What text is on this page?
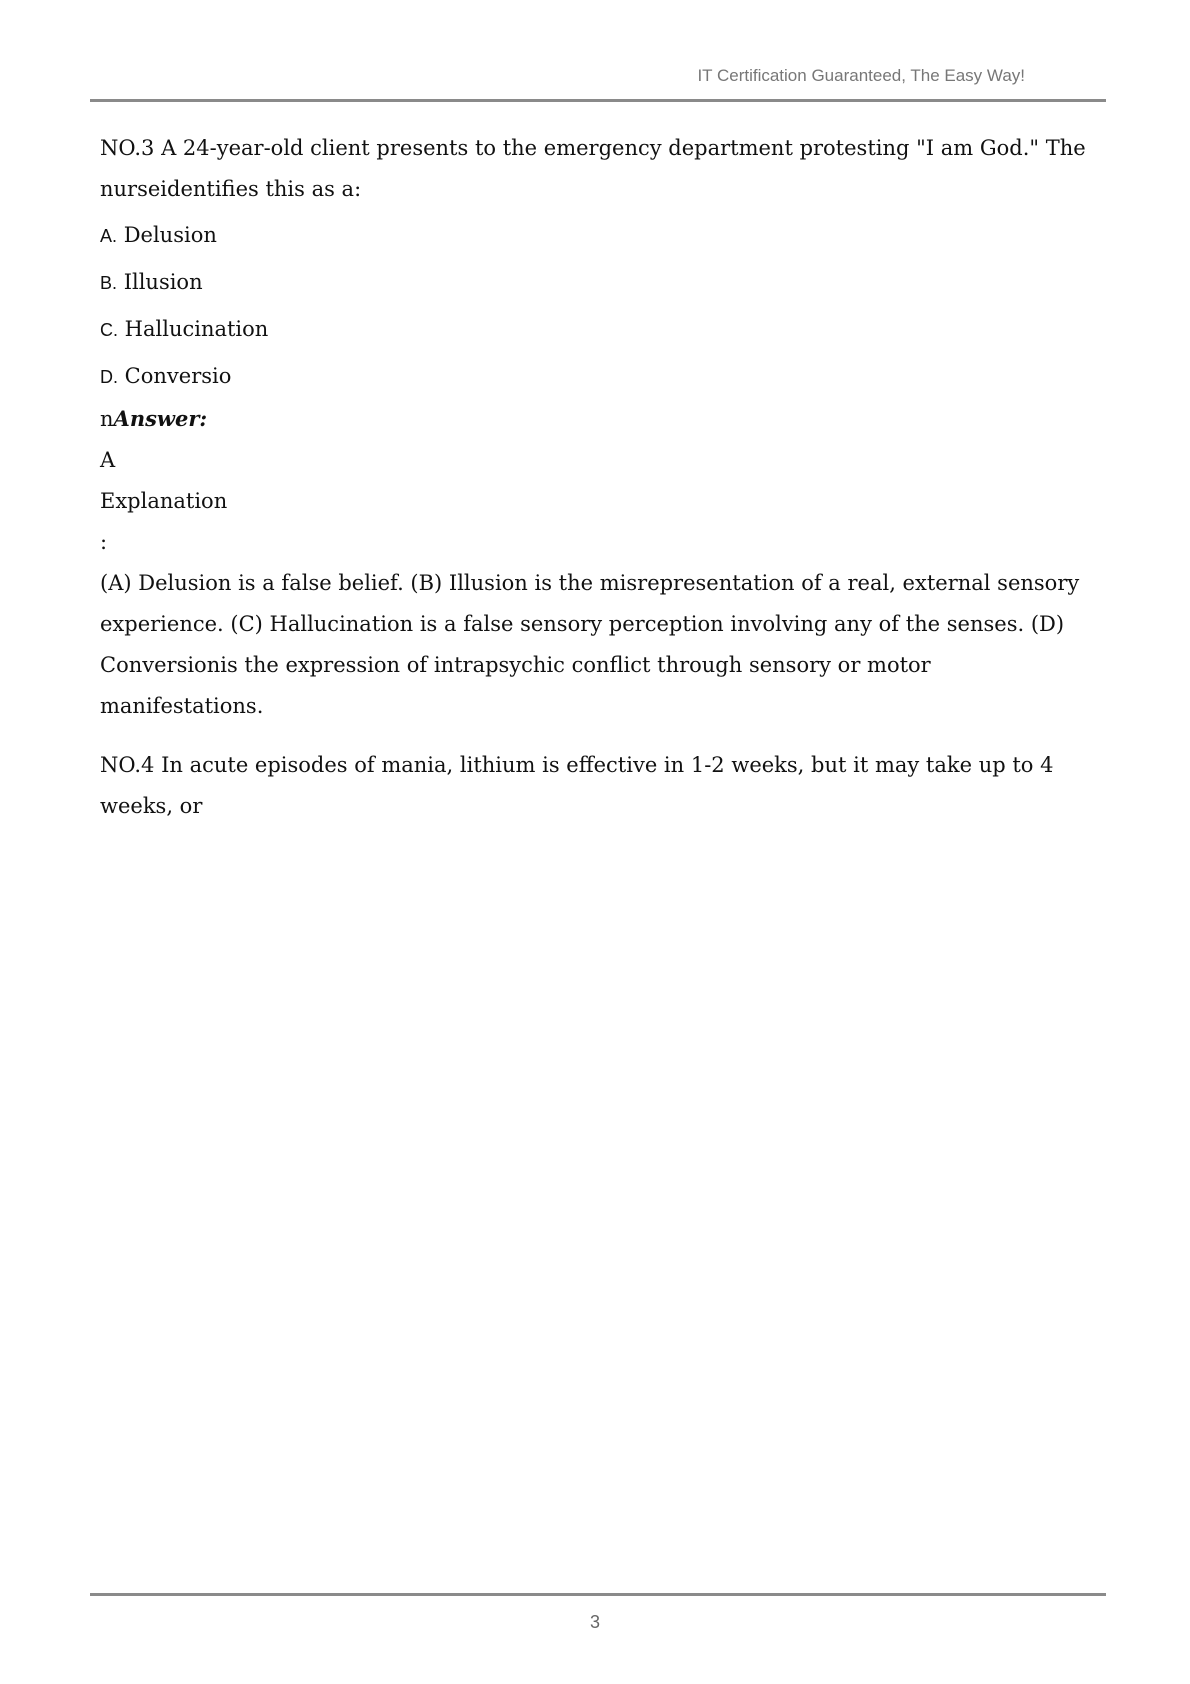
IT Certification Guaranteed, The Easy Way!
NO.3 A 24-year-old client presents to the emergency department protesting "I am God." The
nurseidentifies this as a:
A. Delusion
B. Illusion
C. Hallucination
D. Conversio
nAnswer:
A
Explanation
:
(A) Delusion is a false belief. (B) Illusion is the misrepresentation of a real, external sensory
experience. (C) Hallucination is a false sensory perception involving any of the senses. (D)
Conversionis the expression of intrapsychic conflict through sensory or motor
manifestations.
NO.4 In acute episodes of mania, lithium is effective in 1-2 weeks, but it may take up to 4
weeks, or
3
